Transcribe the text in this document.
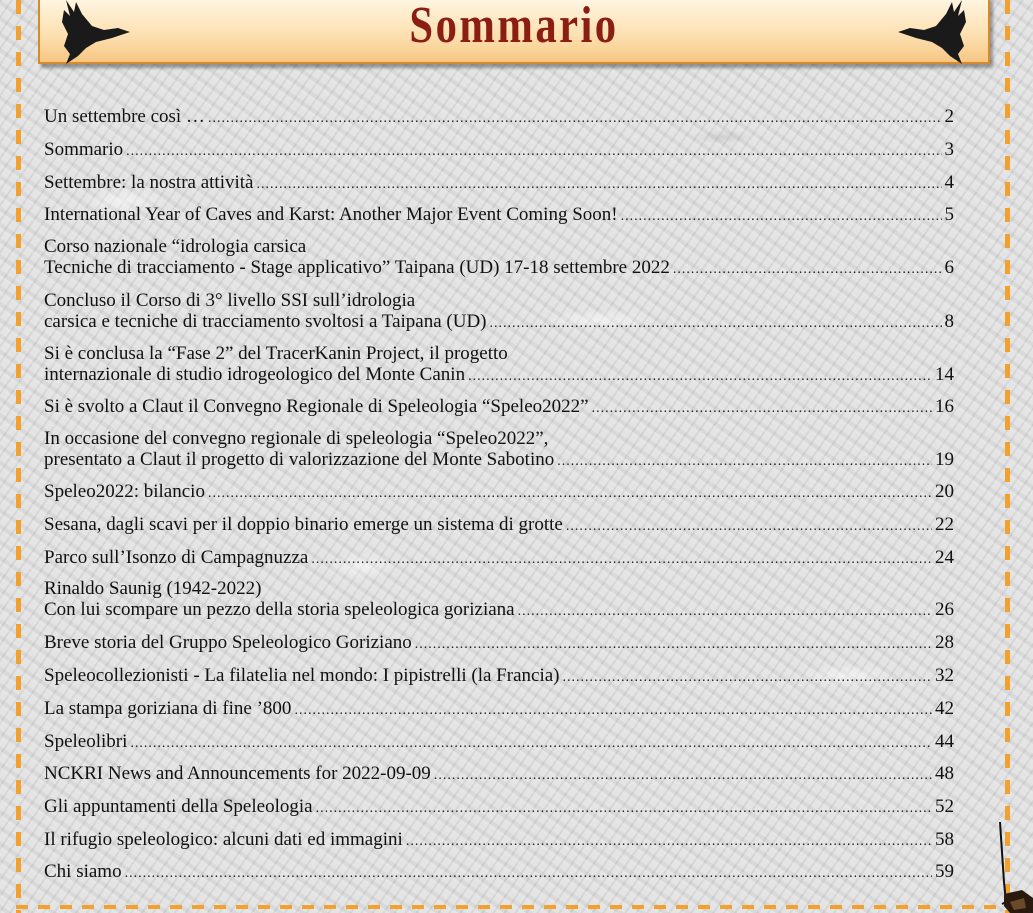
Sommario
Un settembre così … .....	2
Sommario .....	3
Settembre: la nostra attività .....	4
International Year of Caves and Karst: Another Major Event Coming Soon! .....	5
Corso nazionale “idrologia carsica
Tecniche di tracciamento - Stage applicativo” Taipana (UD) 17-18 settembre 2022 .....	6
Concluso il Corso di 3° livello SSI sull’idrologia
carsica e tecniche di tracciamento svoltosi a Taipana (UD) .....	8
Si è conclusa la “Fase 2” del TracerKanin Project, il progetto
internazionale di studio idrogeologico del Monte Canin .....	14
Si è svolto a Claut il Convegno Regionale di Speleologia “Speleo2022” .....	16
In occasione del convegno regionale di speleologia “Speleo2022”,
presentato a Claut il progetto di valorizzazione del Monte Sabotino .....	19
Speleo2022: bilancio .....	20
Sesana, dagli scavi per il doppio binario emerge un sistema di grotte .....	22
Parco sull’Isonzo di Campagnuzza .....	24
Rinaldo Saunig (1942-2022)
Con lui scompare un pezzo della storia speleologica goriziana .....	26
Breve storia del Gruppo Speleologico Goriziano .....	28
Speleocollezionisti - La filatelia nel mondo: I pipistrelli (la Francia) .....	32
La stampa goriziana di fine ’800 .....	42
Speleolibri .....	44
NCKRI News and Announcements for 2022-09-09 .....	48
Gli appuntamenti della Speleologia .....	52
Il rifugio speleologico: alcuni dati ed immagini .....	58
Chi siamo .....	59
